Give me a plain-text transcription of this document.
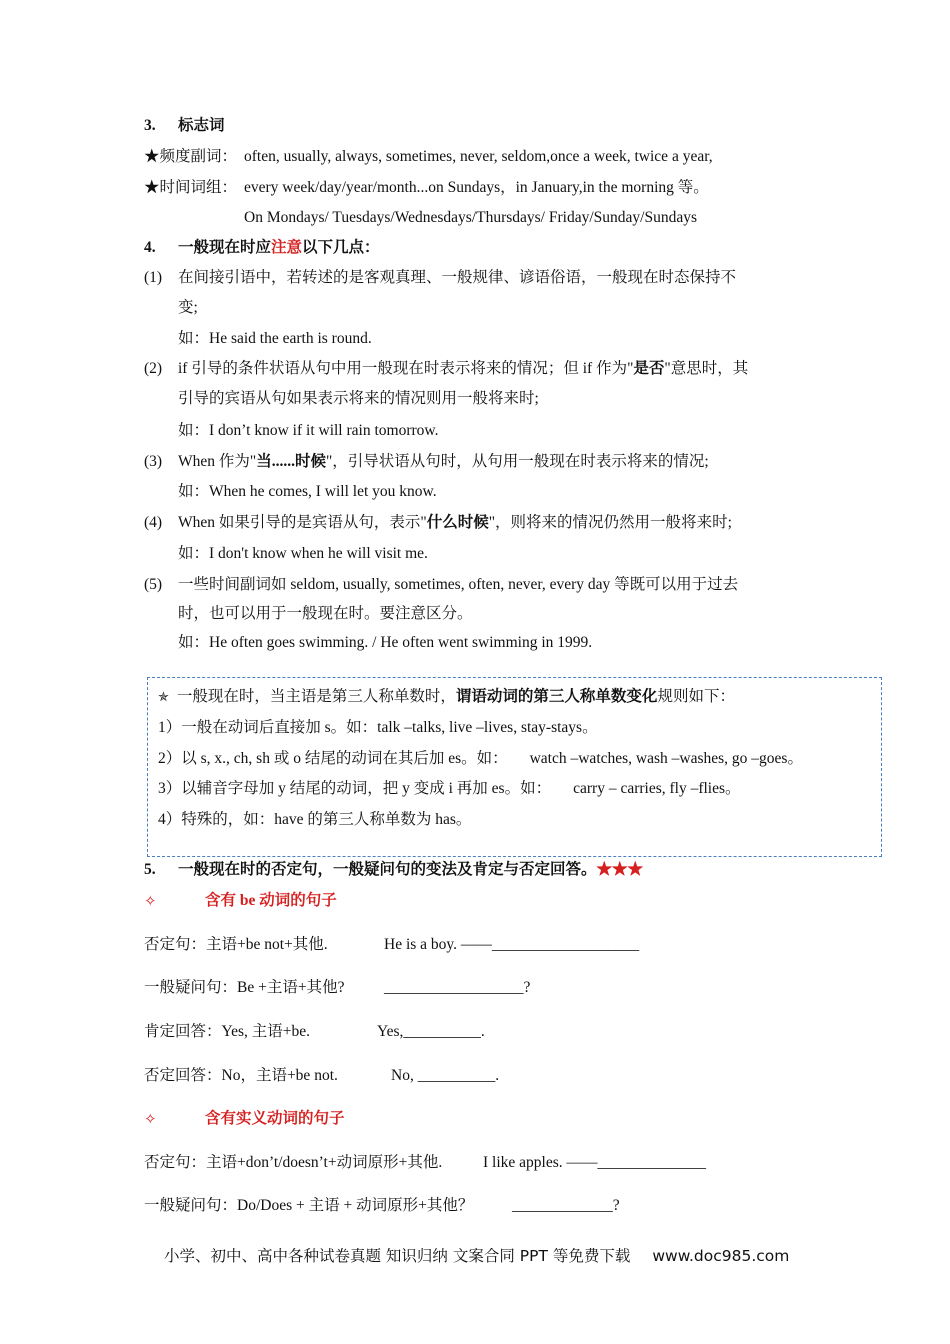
3. 标志词
★频度副词： often, usually, always, sometimes, never, seldom,once a week, twice a year,
★时间词组： every week/day/year/month...on Sundays，in January,in the morning 等。
On Mondays/ Tuesdays/Wednesdays/Thursdays/ Friday/Sunday/Sundays
4. 一般现在时应注意以下几点：
(1) 在间接引语中，若转述的是客观真理、一般规律、谚语俗语，一般现在时态保持不
变;
如：He said the earth is round.
(2) if 引导的条件状语从句中用一般现在时表示将来的情况；但 if 作为"是否"意思时，其
引导的宾语从句如果表示将来的情况则用一般将来时;
如：I don’t know if it will rain tomorrow.
(3) When 作为"当......时候"，引导状语从句时，从句用一般现在时表示将来的情况;
如：When he comes, I will let you know.
(4) When 如果引导的是宾语从句，表示"什么时候"，则将来的情况仍然用一般将来时;
如：I don't know when he will visit me.
(5) 一些时间副词如 seldom, usually, sometimes, often, never, every day 等既可以用于过去
时，也可以用于一般现在时。要注意区分。
如：He often goes swimming. / He often went swimming in 1999.
✯ 一般现在时，当主语是第三人称单数时，谓语动词的第三人称单数变化规则如下：
1）一般在动词后直接加 s。如：talk –talks, live –lives, stay-stays。
2）以 s, x., ch, sh 或 o 结尾的动词在其后加 es。如： watch –watches, wash –washes, go –goes。
3）以辅音字母加 y 结尾的动词，把 y 变成 i 再加 es。如： carry – carries, fly –flies。
4）特殊的，如：have 的第三人称单数为 has。
5. 一般现在时的否定句，一般疑问句的变法及肯定与否定回答。★★★
✧	含有 be 动词的句子
否定句：主语+be not+其他.	He is a boy. ——___________________
一般疑问句：Be +主语+其他?	__________________?
肯定回答：Yes, 主语+be.	Yes,__________.
否定回答：No，主语+be not.	No, __________.
✧	含有实义动词的句子
否定句：主语+don’t/doesn’t+动词原形+其他.	I like apples. ——______________
一般疑问句：Do/Does + 主语 + 动词原形+其他？ _____________?
小学、初中、高中各种试卷真题 知识归纳 文案合同 PPT 等免费下载 www.doc985.com
